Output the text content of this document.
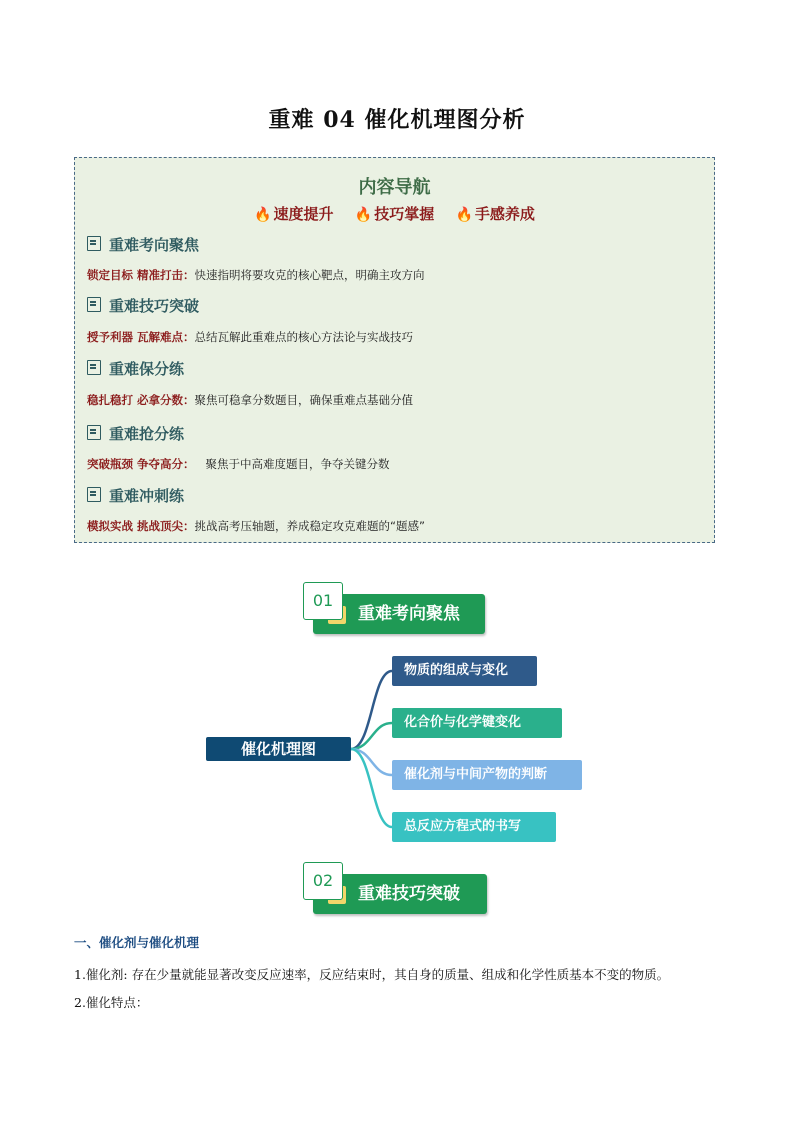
重难 04 催化机理图分析
内容导航
🔥 速度提升 🔥 技巧掌握 🔥 手感养成
重难考向聚焦
锁定目标 精准打击：快速指明将要攻克的核心靶点，明确主攻方向
重难技巧突破
授予利器 瓦解难点：总结瓦解此重难点的核心方法论与实战技巧
重难保分练
稳扎稳打 必拿分数：聚焦可稳拿分数题目，确保重难点基础分值
重难抢分练
突破瓶颈 争夺高分：   聚焦于中高难度题目，争夺关键分数
重难冲刺练
模拟实战 挑战顶尖：挑战高考压轴题，养成稳定攻克难题的“题感”
重难考向聚焦
01
催化机理图
物质的组成与变化
化合价与化学键变化
催化剂与中间产物的判断
总反应方程式的书写
重难技巧突破
02
一、催化剂与催化机理
1.催化剂: 存在少量就能显著改变反应速率，反应结束时，其自身的质量、组成和化学性质基本不变的物质。
2.催化特点：
